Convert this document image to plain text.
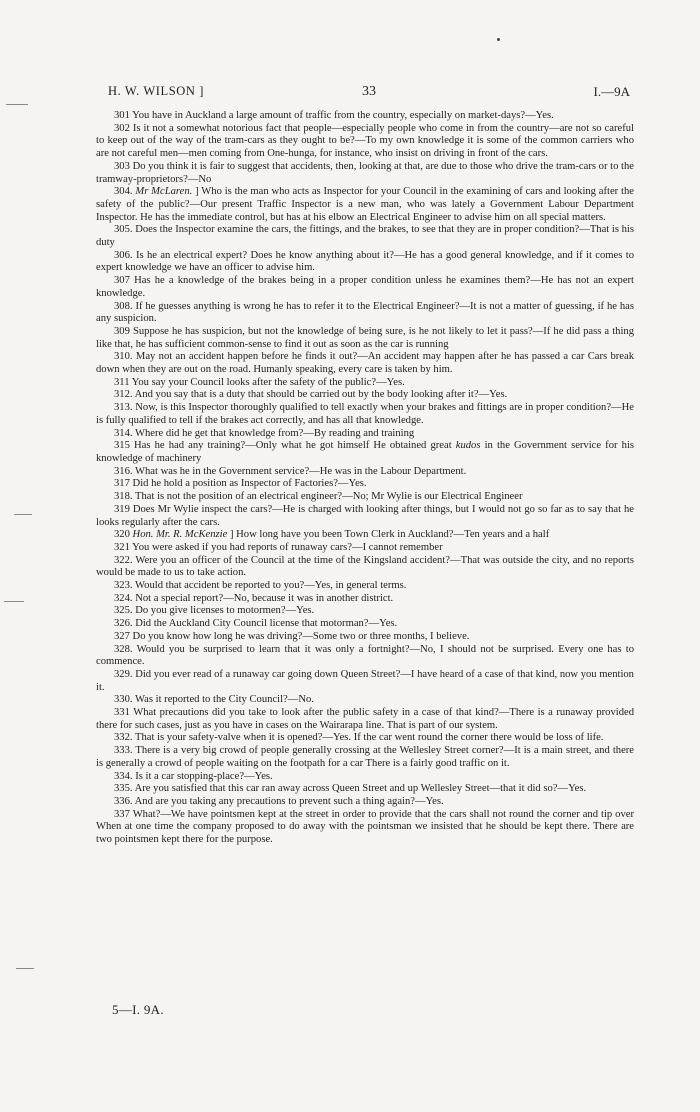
H. W. WILSON ]	33	I.—9A

301 You have in Auckland a large amount of traffic from the country, especially on market-days?—Yes.

302 Is it not a somewhat notorious fact that people—especially people who come in from the country—are not so careful to keep out of the way of the tram-cars as they ought to be?—To my own knowledge it is some of the common carriers who are not careful men—men coming from One-hunga, for instance, who insist on driving in front of the cars.

303 Do you think it is fair to suggest that accidents, then, looking at that, are due to those who drive the tram-cars or to the tramway-proprietors?—No

304. Mr McLaren. ] Who is the man who acts as Inspector for your Council in the examining of cars and looking after the safety of the public?—Our present Traffic Inspector is a new man, who was lately a Government Labour Department Inspector. He has the immediate control, but has at his elbow an Electrical Engineer to advise him on all special matters.

305. Does the Inspector examine the cars, the fittings, and the brakes, to see that they are in proper condition?—That is his duty

306. Is he an electrical expert? Does he know anything about it?—He has a good general knowledge, and if it comes to expert knowledge we have an officer to advise him.

307 Has he a knowledge of the brakes being in a proper condition unless he examines them?—He has not an expert knowledge.

308. If he guesses anything is wrong he has to refer it to the Electrical Engineer?—It is not a matter of guessing, if he has any suspicion.

309 Suppose he has suspicion, but not the knowledge of being sure, is he not likely to let it pass?—If he did pass a thing like that, he has sufficient common-sense to find it out as soon as the car is running

310. May not an accident happen before he finds it out?—An accident may happen after he has passed a car Cars break down when they are out on the road. Humanly speaking, every care is taken by him.

311 You say your Council looks after the safety of the public?—Yes.

312. And you say that is a duty that should be carried out by the body looking after it?—Yes.

313. Now, is this Inspector thoroughly qualified to tell exactly when your brakes and fittings are in proper condition?—He is fully qualified to tell if the brakes act correctly, and has all that knowledge.

314. Where did he get that knowledge from?—By reading and training

315 Has he had any training?—Only what he got himself He obtained great kudos in the Government service for his knowledge of machinery

316. What was he in the Government service?—He was in the Labour Department.

317 Did he hold a position as Inspector of Factories?—Yes.

318. That is not the position of an electrical engineer?—No; Mr Wylie is our Electrical Engineer

319 Does Mr Wylie inspect the cars?—He is charged with looking after things, but I would not go so far as to say that he looks regularly after the cars.

320 Hon. Mr. R. McKenzie ] How long have you been Town Clerk in Auckland?—Ten years and a half

321 You were asked if you had reports of runaway cars?—I cannot remember

322. Were you an officer of the Council at the time of the Kingsland accident?—That was outside the city, and no reports would be made to us to take action.

323. Would that accident be reported to you?—Yes, in general terms.

324. Not a special report?—No, because it was in another district.

325. Do you give licenses to motormen?—Yes.

326. Did the Auckland City Council license that motorman?—Yes.

327 Do you know how long he was driving?—Some two or three months, I believe.

328. Would you be surprised to learn that it was only a fortnight?—No, I should not be surprised. Every one has to commence.

329. Did you ever read of a runaway car going down Queen Street?—I have heard of a case of that kind, now you mention it.

330. Was it reported to the City Council?—No.

331 What precautions did you take to look after the public safety in a case of that kind?—There is a runaway provided there for such cases, just as you have in cases on the Wairarapa line. That is part of our system.

332. That is your safety-valve when it is opened?—Yes. If the car went round the corner there would be loss of life.

333. There is a very big crowd of people generally crossing at the Wellesley Street corner?—It is a main street, and there is generally a crowd of people waiting on the footpath for a car There is a fairly good traffic on it.

334. Is it a car stopping-place?—Yes.

335. Are you satisfied that this car ran away across Queen Street and up Wellesley Street—that it did so?—Yes.

336. And are you taking any precautions to prevent such a thing again?—Yes.

337 What?—We have pointsmen kept at the street in order to provide that the cars shall not round the corner and tip over When at one time the company proposed to do away with the pointsman we insisted that he should be kept there. There are two pointsmen kept there for the purpose.

5—I. 9A.
